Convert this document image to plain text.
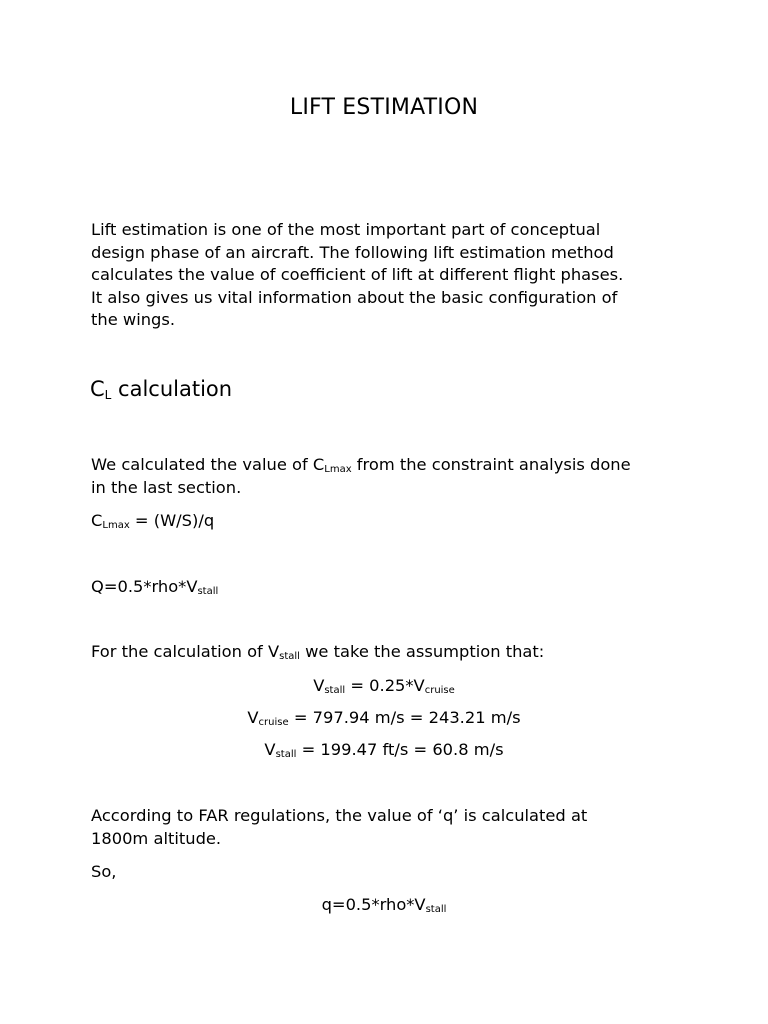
LIFT ESTIMATION

Lift estimation is one of the most important part of conceptual
design phase of an aircraft. The following lift estimation method
calculates the value of coefficient of lift at different flight phases.
It also gives us vital information about the basic configuration of
the wings.

$C_L$ calculation
We calculated the value of $C_{Lmax}$ from the constraint analysis done
in the last section.
$C_{Lmax} = (W/S)/q$
$Q=0.5*rho*V_{stall}$
For the calculation of $V_{stall}$ we take the assumption that:
$V_{stall} = 0.25*V_{cruise}$
$V_{cruise} = 797.94$ m/s = 243.21 m/s
$V_{stall} = 199.47$ ft/s = 60.8 m/s
According to FAR regulations, the value of ‘q’ is calculated at
1800m altitude.
So,
$q=0.5*rho*V_{stall}$
